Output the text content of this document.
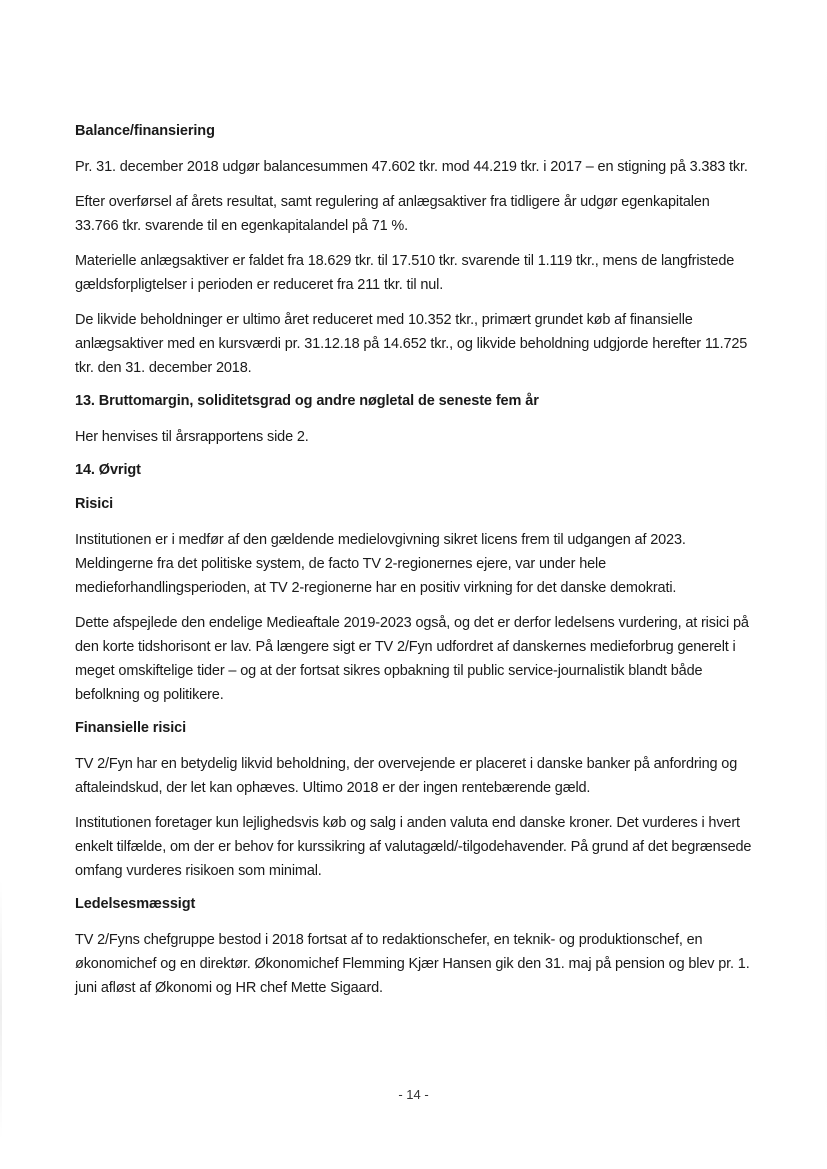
Balance/finansiering

Pr. 31. december 2018 udgør balancesummen 47.602 tkr. mod 44.219 tkr. i 2017 – en stigning på 3.383 tkr.

Efter overførsel af årets resultat, samt regulering af anlægsaktiver fra tidligere år udgør egenkapitalen 33.766 tkr. svarende til en egenkapitalandel på 71 %.

Materielle anlægsaktiver er faldet fra 18.629 tkr. til 17.510 tkr. svarende til 1.119 tkr., mens de langfristede gældsforpligtelser i perioden er reduceret fra 211 tkr. til nul.

De likvide beholdninger er ultimo året reduceret med 10.352 tkr., primært grundet køb af finansielle anlægsaktiver med en kursværdi pr. 31.12.18 på 14.652 tkr., og likvide beholdning udgjorde herefter 11.725 tkr. den 31. december 2018.

13. Bruttomargin, soliditetsgrad og andre nøgletal de seneste fem år

Her henvises til årsrapportens side 2.

14. Øvrigt
Risici

Institutionen er i medfør af den gældende medielovgivning sikret licens frem til udgangen af 2023. Meldingerne fra det politiske system, de facto TV 2-regionernes ejere, var under hele medieforhandlingsperioden, at TV 2-regionerne har en positiv virkning for det danske demokrati.

Dette afspejlede den endelige Medieaftale 2019-2023 også, og det er derfor ledelsens vurdering, at risici på den korte tidshorisont er lav. På længere sigt er TV 2/Fyn udfordret af danskernes medieforbrug generelt i meget omskiftelige tider – og at der fortsat sikres opbakning til public service-journalistik blandt både befolkning og politikere.

Finansielle risici

TV 2/Fyn har en betydelig likvid beholdning, der overvejende er placeret i danske banker på anfordring og aftaleindskud, der let kan ophæves. Ultimo 2018 er der ingen rentebærende gæld.

Institutionen foretager kun lejlighedsvis køb og salg i anden valuta end danske kroner. Det vurderes i hvert enkelt tilfælde, om der er behov for kurssikring af valutagæld/-tilgodehavender. På grund af det begrænsede omfang vurderes risikoen som minimal.

Ledelsesmæssigt

TV 2/Fyns chefgruppe bestod i 2018 fortsat af to redaktionschefer, en teknik- og produktionschef, en økonomichef og en direktør. Økonomichef Flemming Kjær Hansen gik den 31. maj på pension og blev pr. 1. juni afløst af Økonomi og HR chef Mette Sigaard.

- 14 -
